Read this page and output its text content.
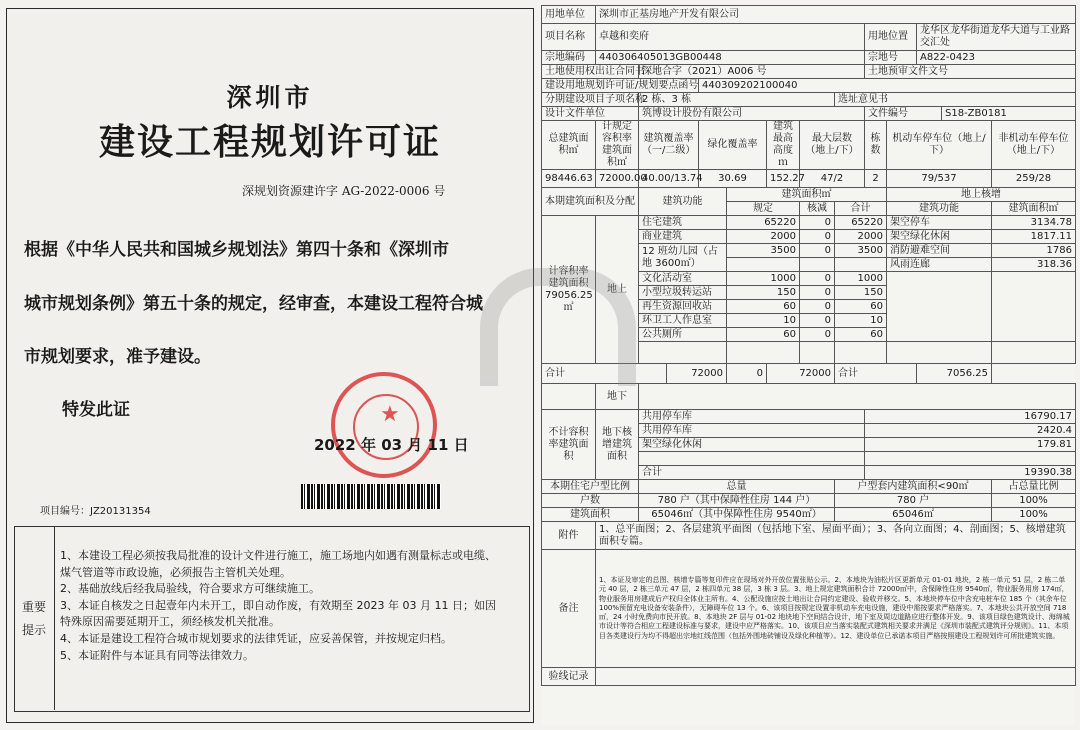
深圳市
建设工程规划许可证
深规划资源建许字 AG-2022-0006 号
根据《中华人民共和国城乡规划法》第四十条和《深圳市
城市规划条例》第五十条的规定，经审查，本建设工程符合城
市规划要求，准予建设。
特发此证	★
2022 年 03 月 11 日
项目编号：JZ20131354
重要
提示
1、本建设工程必须按我局批准的设计文件进行施工，施工场地内如遇有测量标志或电缆、
煤气管道等市政设施，必须报告主管机关处理。
2、基础放线后经我局验线，符合要求方可继续施工。
3、本证自核发之日起壹年内未开工，即自动作废，有效期至 2023 年 03 月 11 日；如因
特殊原因需要延期开工，须经核发机关批准。
4、本证是建设工程符合城市规划要求的法律凭证，应妥善保管，并按规定归档。
5、本证附件与本证具有同等法律效力。
用地单位	深圳市正基房地产开发有限公司												
项目名称	卓越和奕府								用地位置		龙华区龙华街道龙华大道与工业路交汇处		
宗地编码	440306405013GB00448								宗地号		A822-0423		
土地使用权出让合同书		深地合字（2021）A006 号							土地预审文件文号				
建设用地规划许可证/规划要点函号				440309202100040									
分期建设项目子项名称		2 栋、3 栋						选址意见书					
设计文件单位		筑博设计股份有限公司							文件编号			S18-ZB0181	
总建筑面积㎡	计规定容积率建筑面积㎡	建筑覆盖率（一/二级）		绿化覆盖率		建筑最高高度ｍ	最大层数（地上/下）		栋数	机动车停车位（地上/下）			非机动车停车位（地上/下）
98446.63	72000.00	40.00/13.74		30.69		152.27	47/2		2	79/537			259/28
本期建筑面积及分配		建筑功能			建筑面积㎡					地上核增			
					规定		核减	合计		建筑功能			建筑面积㎡
计容积率建筑面积79056.25㎡	地上	住宅建筑			65220		0	65220		架空停车			3134.78
		商业建筑			2000		0	2000		架空绿化休闲			1817.11
		12 班幼儿园（占地 3600㎡）			3500		0	3500		消防避难空间			1786
										风雨连廊			318.36
		文化活动室			1000		0	1000					
		小型垃圾转运站			150		0	150					
		再生资源回收站			60		0	60					
		环卫工人作息室			10		0	10					
		公共厕所			60		0	60					

合计			72000		0	72000		合计			7056.25		
	地下												
不计容积率建筑面积	地下核增建筑面积	共用停车库							16790.17				
		共用停车库							2420.4				
		架空绿化休闲							179.81				

		合计							19390.38				
本期住宅户型比例		总量						户型套内建筑面积<90㎡					占总量比例
户数		780 户（其中保障性住房 144 户）						780 户					100%
建筑面积		65046㎡（其中保障性住房 9540㎡）						65046㎡					100%
附件	1、总平面图；2、各层建筑平面图（包括地下室、屋面平面）；3、各向立面图；4、剖面图；5、核增建筑面积专篇。												
备注	1、本证及审定的总图、核增专篇等复印件应在现场对外开放位置张贴公示。2、本地块为油松片区更新单元 01-01 地块，2 栋一单元 51 层，2 栋二单元 40 层，2 栋三单元 47 层，2 栋四单元 38 层，3 栋 3 层。3、地上规定建筑面积合计 72000㎡中，含保障性住房 9540㎡，物业服务用房 174㎡，物业服务用房建成后产权归全体业主所有。4、公配设施应按土地出让合同约定建设、验收并移交。5、本地块停车位中含充电桩车位 185 个（其余车位 100%预留充电设备安装条件），无障碍车位 13 个。6、该项目按规定设置非机动车充电设施，建设中需按要求严格落实。7、本地块公共开放空间 718㎡，24 小时免费向市民开放。8、本地块 2F 层与 01-02 地块地下空间结合设计，地下室及周边道路应进行整体开发。9、该项目绿色建筑设计、海绵城市设计等符合相应工程建设标准与要求，建设中应严格落实。10、该项目应当落实装配式建筑相关要求并满足《深圳市装配式建筑评分规则》。11、本项目各类建设行为均不得超出宗地红线范围（包括外围地砖铺设及绿化种植等）。12、建设单位已承诺本项目严格按照建设工程规划许可所批建筑实施。												
验线记录													
